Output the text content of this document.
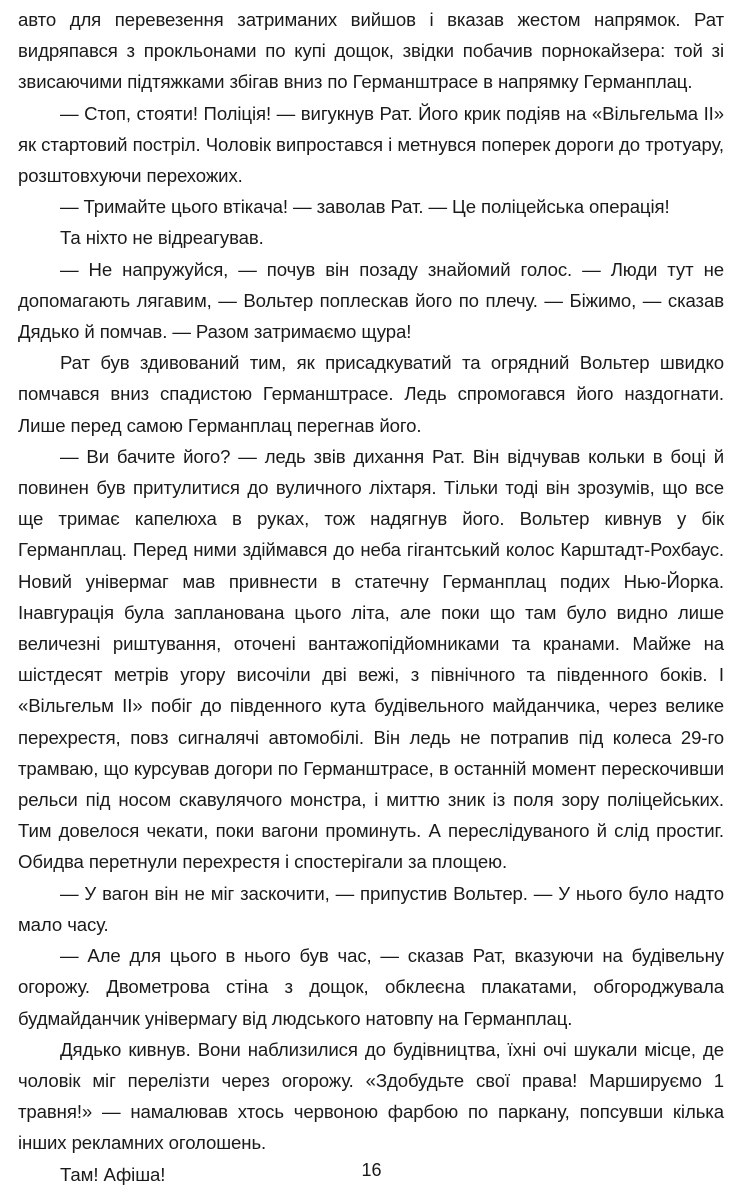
авто для перевезення затриманих вийшов і вказав жестом напрямок. Рат видряпався з прокльонами по купі дощок, звідки побачив порнокайзера: той зі звисаючими підтяжками збігав вниз по Германштрасе в напрямку Германплац.

— Стоп, стояти! Поліція! — вигукнув Рат. Його крик подіяв на «Вільгельма II» як стартовий постріл. Чоловік випростався і метнувся поперек дороги до тротуару, розштовхуючи перехожих.

— Тримайте цього втікача! — заволав Рат. — Це поліцейська операція!

Та ніхто не відреагував.

— Не напружуйся, — почув він позаду знайомий голос. — Люди тут не допомагають лягавим, — Вольтер поплескав його по плечу. — Біжимо, — сказав Дядько й помчав. — Разом затримаємо щура!

Рат був здивований тим, як присадкуватий та огрядний Вольтер швидко помчався вниз спадистою Германштрасе. Ледь спромогався його наздогнати. Лише перед самою Германплац перегнав його.

— Ви бачите його? — ледь звів дихання Рат. Він відчував кольки в боці й повинен був притулитися до вуличного ліхтаря. Тільки тоді він зрозумів, що все ще тримає капелюха в руках, тож надягнув його. Вольтер кивнув у бік Германплац. Перед ними здіймався до неба гігантський колос Карштадт-Рохбаус. Новий універмаг мав привнести в статечну Германплац подих Нью-Йорка. Інавгурація була запланована цього літа, але поки що там було видно лише величезні риштування, оточені вантажопідйомниками та кранами. Майже на шістдесят метрів угору височіли дві вежі, з північного та південного боків. І «Вільгельм II» побіг до південного кута будівельного майданчика, через велике перехрестя, повз сигналячі автомобілі. Він ледь не потрапив під колеса 29-го трамваю, що курсував догори по Германштрасе, в останній момент перескочивши рельси під носом скавулячого монстра, і миттю зник із поля зору поліцейських. Тим довелося чекати, поки вагони проминуть. А переслідуваного й слід простиг. Обидва перетнули перехрестя і спостерігали за площею.

— У вагон він не міг заскочити, — припустив Вольтер. — У нього було надто мало часу.

— Але для цього в нього був час, — сказав Рат, вказуючи на будівельну огорожу. Двометрова стіна з дощок, обклеєна плакатами, обгороджувала будмайданчик універмагу від людського натовпу на Германплац.

Дядько кивнув. Вони наблизилися до будівництва, їхні очі шукали місце, де чоловік міг перелізти через огорожу. «Здобудьте свої права! Маршируємо 1 травня!» — намалював хтось червоною фарбою по паркану, попсувши кілька інших рекламних оголошень.

Там! Афіша!	16
